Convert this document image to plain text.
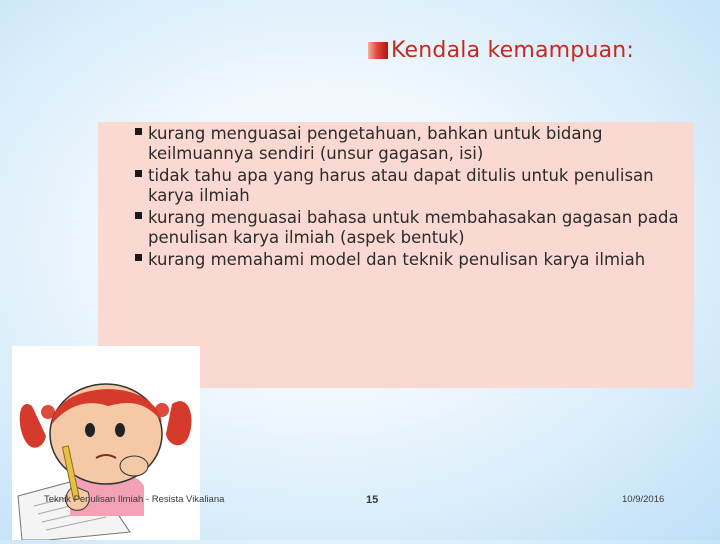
Kendala kemampuan:
kurang menguasai pengetahuan, bahkan untuk bidang keilmuannya sendiri (unsur gagasan, isi)
tidak tahu apa yang harus atau dapat ditulis untuk penulisan karya ilmiah
kurang menguasai bahasa untuk membahasakan gagasan pada penulisan karya ilmiah (aspek bentuk)
kurang memahami model dan teknik penulisan karya ilmiah
Teknik Penulisan Ilmiah - Resista Vikaliana	15	10/9/2016
